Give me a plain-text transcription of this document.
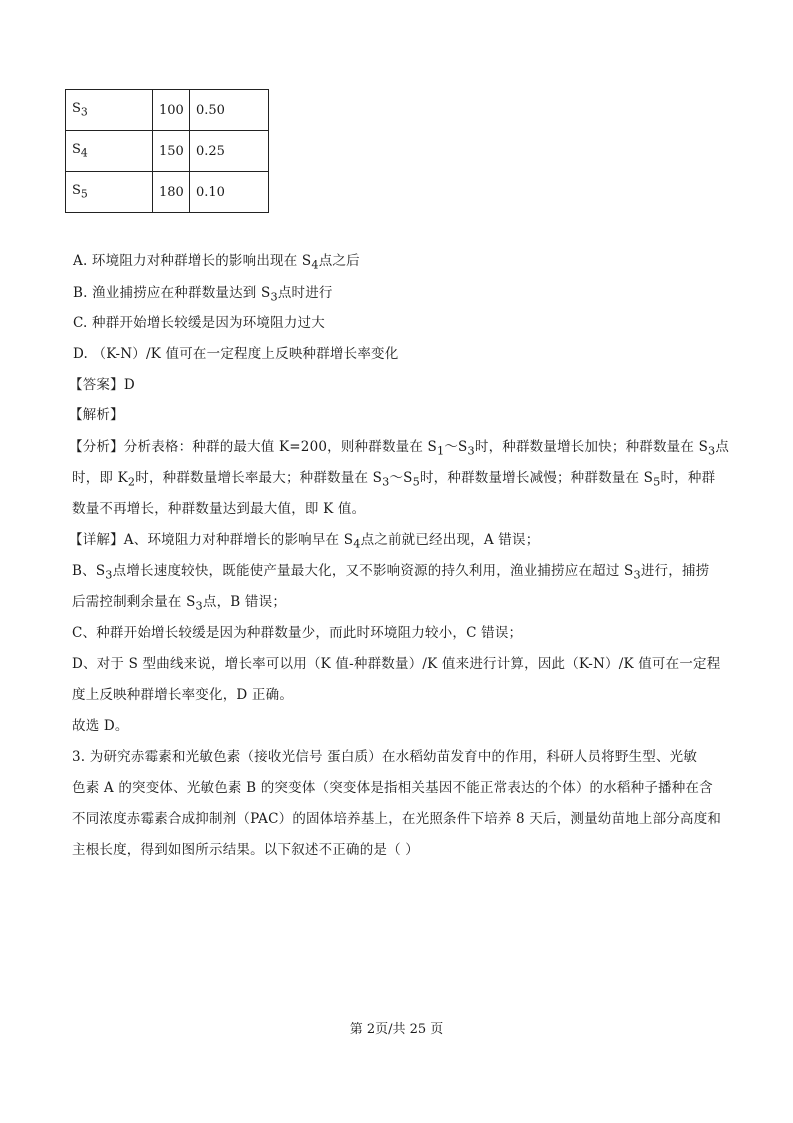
$S_3$	100	0.50
$S_4$	150	0.25
$S_5$	180	0.10
A. 环境阻力对种群增长的影响出现在 $S_4$点之后
B. 渔业捕捞应在种群数量达到 $S_3$点时进行
C. 种群开始增长较缓是因为环境阻力过大
D. （K-N）/K 值可在一定程度上反映种群增长率变化
【答案】D
【解析】
【分析】分析表格：种群的最大值 K=200，则种群数量在 $S_1\sim S_3$时，种群数量增长加快；种群数量在 $S_3$点
时，即 $K_2$时，种群数量增长率最大；种群数量在 $S_3\sim S_5$时，种群数量增长减慢；种群数量在 $S_5$时，种群
数量不再增长，种群数量达到最大值，即 K 值。
【详解】A、环境阻力对种群增长的影响早在 $S_4$点之前就已经出现，A 错误；
B、$S_3$点增长速度较快，既能使产量最大化，又不影响资源的持久利用，渔业捕捞应在超过 $S_3$进行，捕捞
后需控制剩余量在 $S_3$点，B 错误；
C、种群开始增长较缓是因为种群数量少，而此时环境阻力较小，C 错误；
D、对于 S 型曲线来说，增长率可以用（K 值-种群数量）/K 值来进行计算，因此（K-N）/K 值可在一定程
度上反映种群增长率变化，D 正确。
故选 D。
3. 为研究赤霉素和光敏色素（接收光信号 蛋白质）在水稻幼苗发育中的作用，科研人员将野生型、光敏
色素 A 的突变体、光敏色素 B 的突变体（突变体是指相关基因不能正常表达的个体）的水稻种子播种在含
不同浓度赤霉素合成抑制剂（PAC）的固体培养基上，在光照条件下培养 8 天后，测量幼苗地上部分高度和
主根长度，得到如图所示结果。以下叙述不正确的是（ ）
第 2页/共 25 页
